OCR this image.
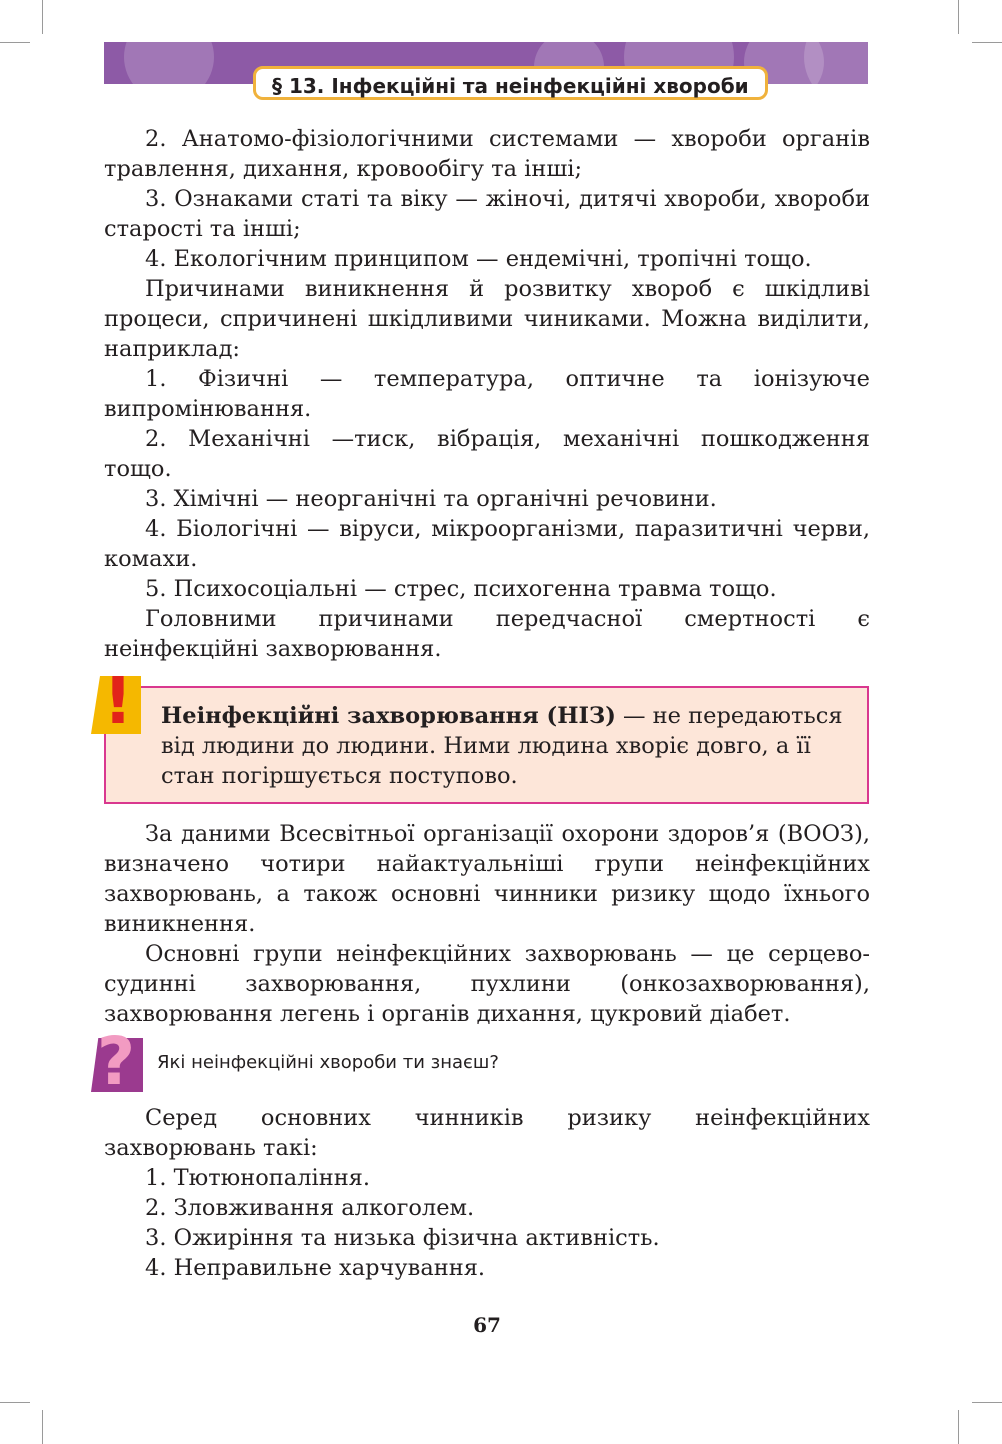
§ 13. Інфекційні та неінфекційні хвороби
2. Анатомо-фізіологічними системами — хвороби органів травлення, дихання, кровообігу та інші;
3. Ознаками статі та віку — жіночі, дитячі хвороби, хвороби старості та інші;
4. Екологічним принципом — ендемічні, тропічні тощо.
Причинами виникнення й розвитку хвороб є шкідливі процеси, спричинені шкідливими чиниками. Можна виділити, наприклад:
1. Фізичні — температура, оптичне та іонізуюче випромінювання.
2. Механічні —тиск, вібрація, механічні пошкодження тощо.
3. Хімічні — неорганічні та органічні речовини.
4. Біологічні — віруси, мікроорганізми, паразитичні черви, комахи.
5. Психосоціальні — стрес, психогенна травма тощо.
Головними причинами передчасної смертності є неінфекційні захворювання.
! Неінфекційні захворювання (НІЗ) — не передаються від людини до людини. Ними людина хворіє довго, а її стан погіршується поступово.
За даними Всесвітньої організації охорони здоров’я (ВООЗ), визначено чотири найактуальніші групи неінфекційних захворювань, а також основні чинники ризику щодо їхнього виникнення.
Основні групи неінфекційних захворювань — це серцево-судинні захворювання, пухлини (онкозахворювання), захворювання легень і органів дихання, цукровий діабет.
? Які неінфекційні хвороби ти знаєш?
Серед основних чинників ризику неінфекційних захворювань такі:
1. Тютюнопаління.
2. Зловживання алкоголем.
3. Ожиріння та низька фізична активність.
4. Неправильне харчування.
67
